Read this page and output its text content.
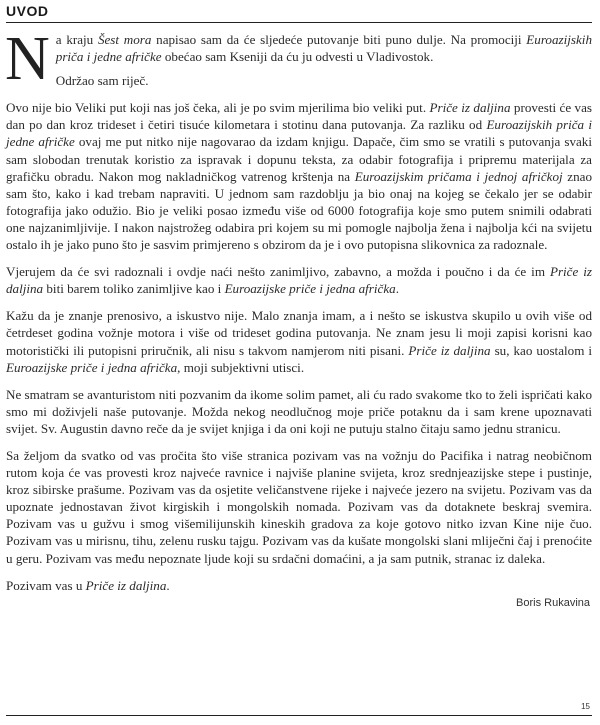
UVOD

Na kraju Šest mora napisao sam da će sljedeće putovanje biti puno dulje. Na promociji Euroazijskih priča i jedne afričke obećao sam Kseniji da ću ju odvesti u Vladivostok.

Održao sam riječ.

Ovo nije bio Veliki put koji nas još čeka, ali je po svim mjerilima bio veliki put. Priče iz daljina provesti će vas dan po dan kroz trideset i četiri tisuće kilometara i stotinu dana putovanja. Za razliku od Euroazijskih priča i jedne afričke ovaj me put nitko nije nagovarao da izdam knjigu. Dapače, čim smo se vratili s putovanja svaki sam slobodan trenutak koristio za ispravak i dopunu teksta, za odabir fotografija i pripremu materijala za grafičku obradu. Nakon mog nakladničkog vatrenog krštenja na Euroazijskim pričama i jednoj afričkoj znao sam što, kako i kad trebam napraviti. U jednom sam razdoblju ja bio onaj na kojeg se čekalo jer se odabir fotografija jako odužio. Bio je veliki posao između više od 6000 fotografija koje smo putem snimili odabrati one najzanimljivije. I nakon najstrožeg odabira pri kojem su mi pomogle najbolja žena i najbolja kći na svijetu ostalo ih je jako puno što je sasvim primjereno s obzirom da je i ovo putopisna slikovnica za radoznale.

Vjerujem da će svi radoznali i ovdje naći nešto zanimljivo, zabavno, a možda i poučno i da će im Priče iz daljina biti barem toliko zanimljive kao i Euroazijske priče i jedna afrička.

Kažu da je znanje prenosivo, a iskustvo nije. Malo znanja imam, a i nešto se iskustva skupilo u ovih više od četrdeset godina vožnje motora i više od trideset godina putovanja. Ne znam jesu li moji zapisi korisni kao motoristički ili putopisni priručnik, ali nisu s takvom namjerom niti pisani. Priče iz daljina su, kao uostalom i Euroazijske priče i jedna afrička, moji subjektivni utisci.

Ne smatram se avanturistom niti pozvanim da ikome solim pamet, ali ću rado svakome tko to želi ispričati kako smo mi doživjeli naše putovanje. Možda nekog neodlučnog moje priče potaknu da i sam krene upoznavati svijet. Sv. Augustin davno reče da je svijet knjiga i da oni koji ne putuju stalno čitaju samo jednu stranicu.

Sa željom da svatko od vas pročita što više stranica pozivam vas na vožnju do Pacifika i natrag neobičnom rutom koja će vas provesti kroz najveće ravnice i najviše planine svijeta, kroz srednjeazijske stepe i pustinje, kroz sibirske prašume. Pozivam vas da osjetite veličanstvene rijeke i najveće jezero na svijetu. Pozivam vas da upoznate jednostavan život kirgiskih i mongolskih nomada. Pozivam vas da dotaknete beskraj svemira. Pozivam vas u gužvu i smog višemilijunskih kineskih gradova za koje gotovo nitko izvan Kine nije čuo. Pozivam vas u mirisnu, tihu, zelenu rusku tajgu. Pozivam vas da kušate mongolski slani mliječni čaj i prenoćite u geru. Pozivam vas među nepoznate ljude koji su srdačni domaćini, a ja sam putnik, stranac iz daleka.

Pozivam vas u Priče iz daljina.

Boris Rukavina
15
